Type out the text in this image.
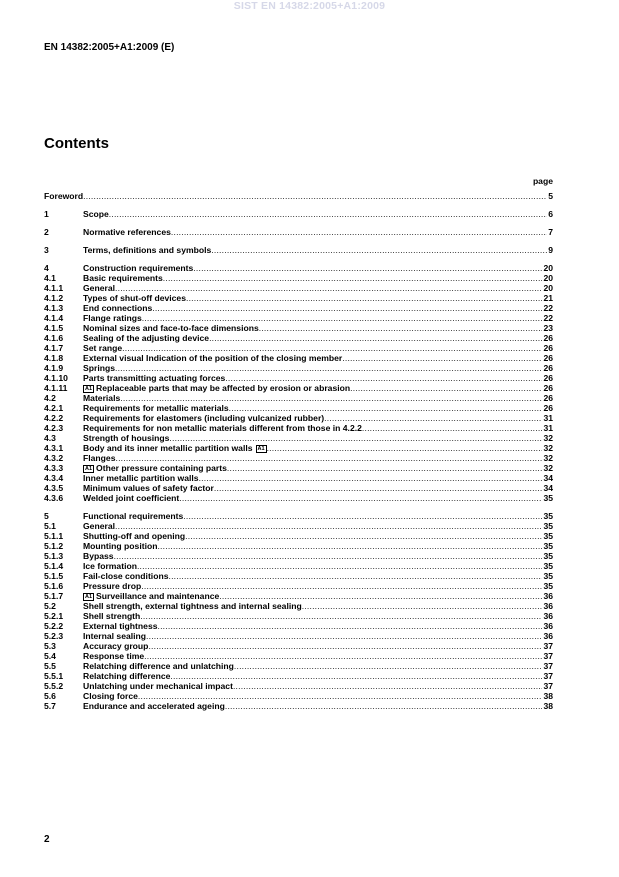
SIST EN 14382:2005+A1:2009
EN 14382:2005+A1:2009 (E)
Contents
page
Foreword .....	5
1	Scope .....	6
2	Normative references .....	7
3	Terms, definitions and symbols .....	9
4	Construction requirements .....	20
4.1	Basic requirements .....	20
4.1.1	General .....	20
4.1.2	Types of shut-off devices .....	21
4.1.3	End connections .....	22
4.1.4	Flange ratings .....	22
4.1.5	Nominal sizes and face-to-face dimensions .....	23
4.1.6	Sealing of the adjusting device .....	26
4.1.7	Set range .....	26
4.1.8	External visual Indication of the position of the closing member .....	26
4.1.9	Springs .....	26
4.1.10	Parts transmitting actuating forces .....	26
4.1.11	A1 Replaceable parts that may be affected by erosion or abrasion .....	26
4.2	Materials .....	26
4.2.1	Requirements for metallic materials .....	26
4.2.2	Requirements for elastomers (including vulcanized rubber) .....	31
4.2.3	Requirements for non metallic materials different from those in 4.2.2 .....	31
4.3	Strength of housings .....	32
4.3.1	Body and its inner metallic partition walls A1 .....	32
4.3.2	Flanges .....	32
4.3.3	A1 Other pressure containing parts .....	32
4.3.4	Inner metallic partition walls .....	34
4.3.5	Minimum values of safety factor .....	34
4.3.6	Welded joint coefficient .....	35
5	Functional requirements .....	35
5.1	General .....	35
5.1.1	Shutting-off and opening .....	35
5.1.2	Mounting position .....	35
5.1.3	Bypass .....	35
5.1.4	Ice formation .....	35
5.1.5	Fail-close conditions .....	35
5.1.6	Pressure drop .....	35
5.1.7	A1 Surveillance and maintenance .....	36
5.2	Shell strength, external tightness and internal sealing .....	36
5.2.1	Shell strength .....	36
5.2.2	External tightness .....	36
5.2.3	Internal sealing .....	36
5.3	Accuracy group .....	37
5.4	Response time .....	37
5.5	Relatching difference and unlatching .....	37
5.5.1	Relatching difference .....	37
5.5.2	Unlatching under mechanical impact .....	37
5.6	Closing force .....	38
5.7	Endurance and accelerated ageing .....	38
2
